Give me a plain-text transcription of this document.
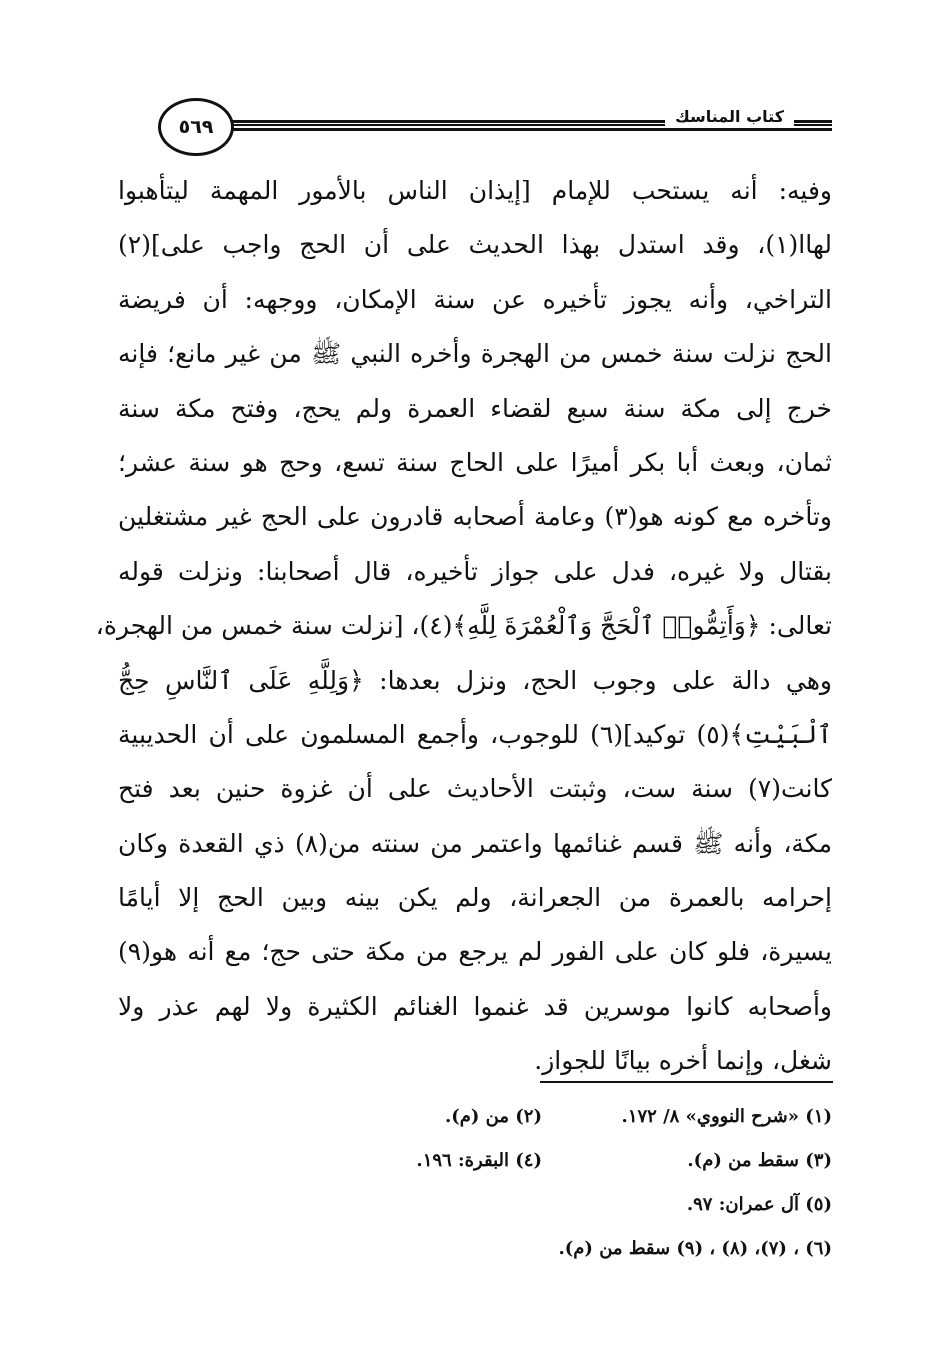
كتاب المناسك
٥٦٩
وفيه: أنه يستحب للإمام [إيذان الناس بالأمور المهمة ليتأهبوا
لهاا(١)، وقد استدل بهذا الحديث على أن الحج واجب على](٢)
التراخي، وأنه يجوز تأخيره عن سنة الإمكان، ووجهه: أن فريضة
الحج نزلت سنة خمس من الهجرة وأخره النبي ﷺ من غير مانع؛ فإنه
خرج إلى مكة سنة سبع لقضاء العمرة ولم يحج، وفتح مكة سنة
ثمان، وبعث أبا بكر أميرًا على الحاج سنة تسع، وحج هو سنة عشر؛
وتأخره مع كونه هو(٣) وعامة أصحابه قادرون على الحج غير مشتغلين
بقتال ولا غيره، فدل على جواز تأخيره، قال أصحابنا: ونزلت قوله
تعالى: ﴿وَأَتِمُّوا۟ ٱلْحَجَّ وَٱلْعُمْرَةَ لِلَّهِ﴾(٤)، [نزلت سنة خمس من الهجرة،
وهي دالة على وجوب الحج، ونزل بعدها: ﴿وَلِلَّهِ عَلَى ٱلنَّاسِ حِجُّ
ٱلْبَيْتِ﴾(٥) توكيد](٦) للوجوب، وأجمع المسلمون على أن الحديبية
كانت(٧) سنة ست، وثبتت الأحاديث على أن غزوة حنين بعد فتح
مكة، وأنه ﷺ قسم غنائمها واعتمر من سنته من(٨) ذي القعدة وكان
إحرامه بالعمرة من الجعرانة، ولم يكن بينه وبين الحج إلا أيامًا
يسيرة، فلو كان على الفور لم يرجع من مكة حتى حج؛ مع أنه هو(٩)
وأصحابه كانوا موسرين قد غنموا الغنائم الكثيرة ولا لهم عذر ولا
شغل، وإنما أخره بيانًا للجواز.
(١) «شرح النووي» ٨/ ١٧٢.
(٢) من (م).
(٣) سقط من (م).
(٤) البقرة: ١٩٦.
(٥) آل عمران: ٩٧.
(٦) ، (٧)، (٨) ، (٩) سقط من (م).
